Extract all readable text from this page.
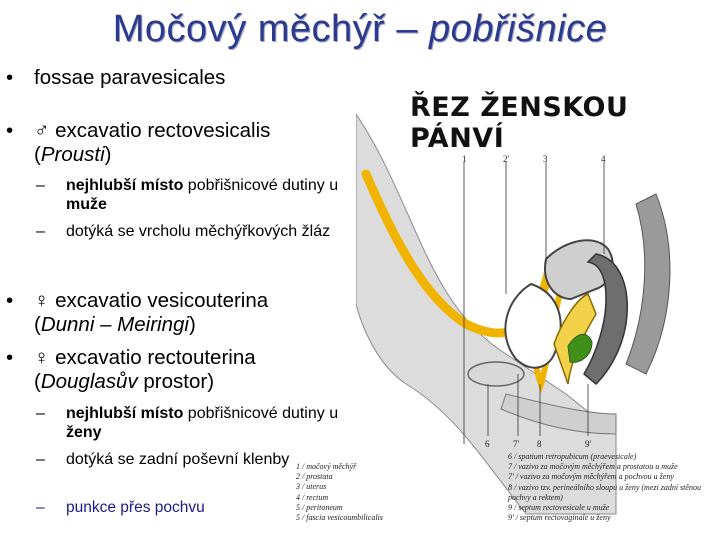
Močový měchýř – pobřišnice
•	fossae paravesicales
•	♂ excavatio rectovesicalis
(Prousti)
– nejhlubší místo pobřišnicové dutiny u muže
– dotýká se vrcholu měchýřkových žláz
•	♀ excavatio vesicouterina
(Dunni – Meiringi)
•	♀ excavatio rectouterina
(Douglasův prostor)
– nejhlubší místo pobřišnicové dutiny u ženy
– dotýká se zadní poševní klenby
– punkce přes pochvu
ŘEZ ŽENSKOU PÁNVÍ
1	2'	3	4
6	7' 8	9'
1 / močový měchýř
2 / prostata
3 / uterus
4 / rectum
5 / peritoneum
5 / fascia vesicoumbilicalis
6 / spatium retropubicum (praevesicale)
7 / vazivo za močovým měchýřem a prostatou u muže
7' / vazivo za močovým měchýřem a pochvou u ženy
8 / vazivo tzv. perineálního sloupu u ženy (mezi zadní stěnou
pochvy a rektem)
9 / septum rectovesicale u muže
9' / septum rectovaginale u ženy
